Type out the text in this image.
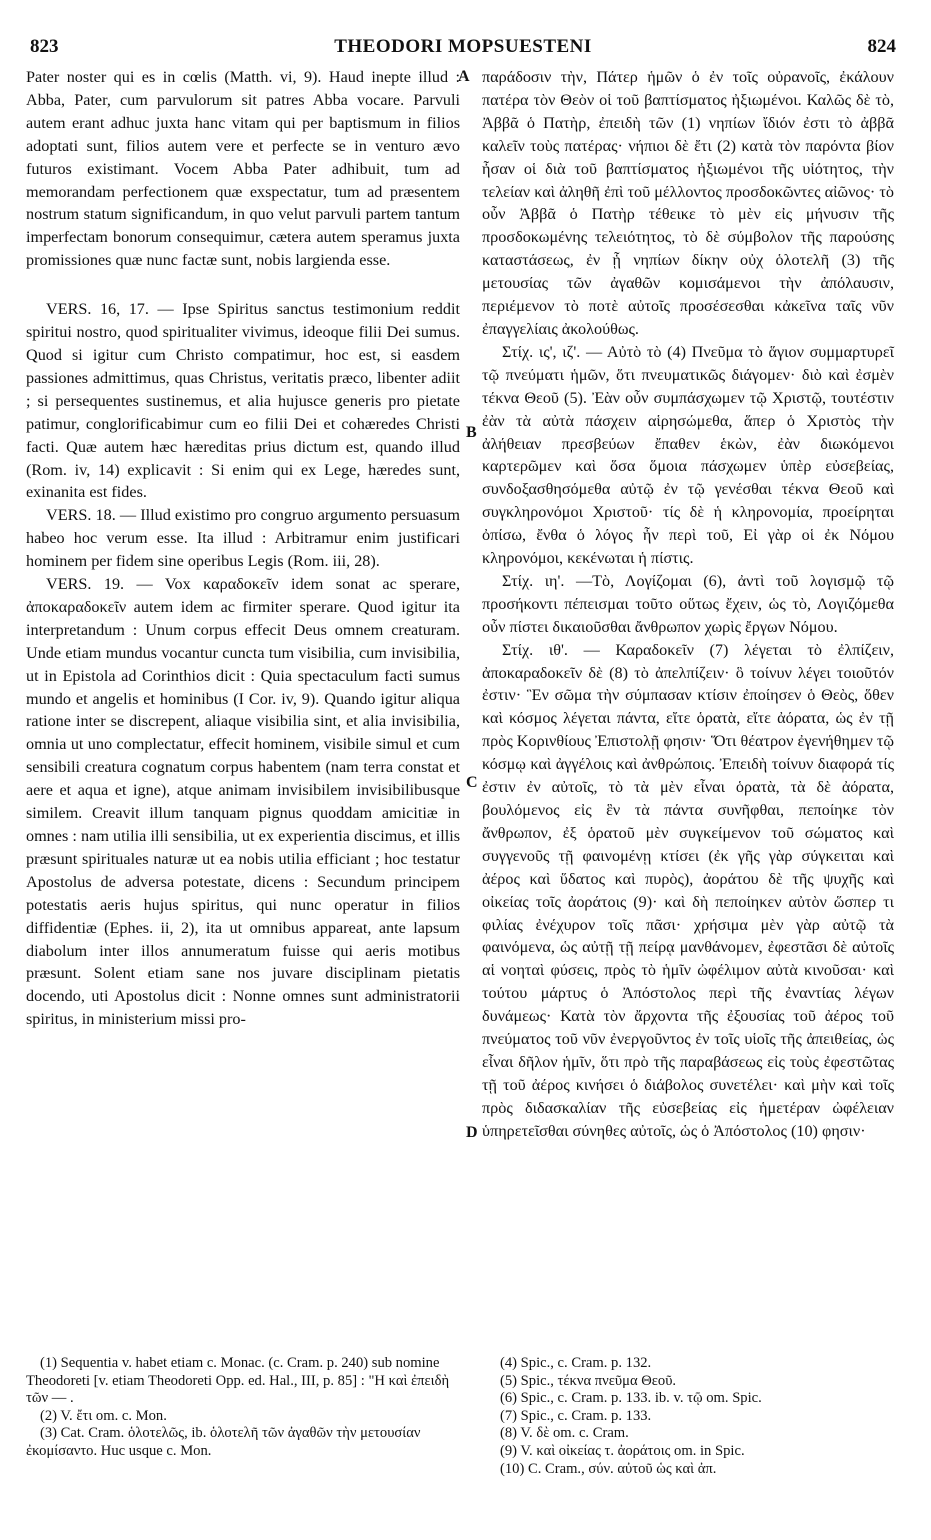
THEODORI MOPSUESTENI
823	824

Pater noster qui es in cœlis (Matth. vi, 9). Haud inepte illud : Abba, Pater, cum parvulorum sit patres Abba vocare. Parvuli autem erant adhuc juxta hanc vitam qui per baptismum in filios adoptati sunt, filios autem vere et perfecte se in venturo ævo futuros existimant. Vocem Abba Pater adhibuit, tum ad memorandam perfectionem quæ exspectatur, tum ad præsentem nostrum statum significandum, in quo velut parvuli partem tantum imperfectam bonorum consequimur, cætera autem speramus juxta promissiones quæ nunc factæ sunt, nobis largienda esse.

VERS. 16, 17. — Ipse Spiritus sanctus testimonium reddit spiritui nostro, quod spiritualiter vivimus, ideoque filii Dei sumus. Quod si igitur cum Christo compatimur, hoc est, si easdem passiones admittimus, quas Christus, veritatis præco, libenter adiit ; si persequentes sustinemus, et alia hujusce generis pro pietate patimur, conglorificabimur cum eo filii Dei et cohæredes Christi facti. Quæ autem hæc hæreditas prius dictum est, quando illud (Rom. iv, 14) explicavit : Si enim qui ex Lege, hæredes sunt, exinanita est fides.

VERS. 18. — Illud existimo pro congruo argumento persuasum habeo hoc verum esse. Ita illud : Arbitramur enim justificari hominem per fidem sine operibus Legis (Rom. iii, 28).

VERS. 19. — Vox καραδοκεῖν idem sonat ac sperare, ἀποκαραδοκεῖν autem idem ac firmiter sperare. Quod igitur ita interpretandum : Unum corpus effecit Deus omnem creaturam. Unde etiam mundus vocantur cuncta tum visibilia, cum invisibilia, ut in Epistola ad Corinthios dicit : Quia spectaculum facti sumus mundo et angelis et hominibus (I Cor. iv, 9). Quando igitur aliqua ratione inter se discrepent, aliaque visibilia sint, et alia invisibilia, omnia ut uno complectatur, effecit hominem, visibile simul et cum sensibili creatura cognatum corpus habentem (nam terra constat et aere et aqua et igne), atque animam invisibilem invisibilibusque similem. Creavit illum tanquam pignus quoddam amicitiæ in omnes : nam utilia illi sensibilia, ut ex experientia discimus, et illis præsunt spirituales naturæ ut ea nobis utilia efficiant ; hoc testatur Apostolus de adversa potestate, dicens : Secundum principem potestatis aeris hujus spiritus, qui nunc operatur in filios diffidentiæ (Ephes. ii, 2), ita ut omnibus appareat, ante lapsum diabolum inter illos annumeratum fuisse qui aeris motibus præsunt. Solent etiam sane nos juvare disciplinam pietatis docendo, uti Apostolus dicit : Nonne omnes sunt administratorii spiritus, in ministerium missi pro-

A
B
C
D

παράδοσιν τὴν, Πάτερ ἡμῶν ὁ ἐν τοῖς οὐρανοῖς, ἐκάλουν πατέρα τὸν Θεὸν οἱ τοῦ βαπτίσματος ἠξιωμένοι. Καλῶς δὲ τὸ, Ἀββᾶ ὁ Πατὴρ, ἐπειδὴ τῶν (1) νηπίων ἴδιόν ἐστι τὸ ἀββᾶ καλεῖν τοὺς πατέρας· νήπιοι δὲ ἔτι (2) κατὰ τὸν παρόντα βίον ἦσαν οἱ διὰ τοῦ βαπτίσματος ἠξιωμένοι τῆς υἱότητος, τὴν τελείαν καὶ ἀληθῆ ἐπὶ τοῦ μέλλοντος προσδοκῶντες αἰῶνος· τὸ οὖν Ἀββᾶ ὁ Πατὴρ τέθεικε τὸ μὲν εἰς μήνυσιν τῆς προσδοκωμένης τελειότητος, τὸ δὲ σύμβολον τῆς παρούσης καταστάσεως, ἐν ᾗ νηπίων δίκην οὐχ ὁλοτελῆ (3) τῆς μετουσίας τῶν ἀγαθῶν κομισάμενοι τὴν ἀπόλαυσιν, περιέμενον τὸ ποτὲ αὐτοῖς προσέσεσθαι κἀκεῖνα ταῖς νῦν ἐπαγγελίαις ἀκολούθως.

Στίχ. ις', ιζ'. — Αὐτὸ τὸ (4) Πνεῦμα τὸ ἅγιον συμμαρτυρεῖ τῷ πνεύματι ἡμῶν, ὅτι πνευματικῶς διάγομεν· διὸ καὶ ἐσμὲν τέκνα Θεοῦ (5). Ἐὰν οὖν συμπάσχωμεν τῷ Χριστῷ, τουτέστιν ἐὰν τὰ αὐτὰ πάσχειν αἱρησώμεθα, ἅπερ ὁ Χριστὸς τὴν ἀλήθειαν πρεσβεύων ἔπαθεν ἑκὼν, ἐὰν διωκόμενοι καρτερῶμεν καὶ ὅσα ὅμοια πάσχωμεν ὑπὲρ εὐσεβείας, συνδοξασθησόμεθα αὐτῷ ἐν τῷ γενέσθαι τέκνα Θεοῦ καὶ συγκληρονόμοι Χριστοῦ· τίς δὲ ἡ κληρονομία, προείρηται ὀπίσω, ἔνθα ὁ λόγος ἦν περὶ τοῦ, Εἰ γὰρ οἱ ἐκ Νόμου κληρονόμοι, κεκένωται ἡ πίστις.

Στίχ. ιη'. —Τὸ, Λογίζομαι (6), ἀντὶ τοῦ λογισμῷ τῷ προσήκοντι πέπεισμαι τοῦτο οὕτως ἔχειν, ὡς τὸ, Λογιζόμεθα οὖν πίστει δικαιοῦσθαι ἄνθρωπον χωρὶς ἔργων Νόμου.

Στίχ. ιθ'. — Καραδοκεῖν (7) λέγεται τὸ ἐλπίζειν, ἀποκαραδοκεῖν δὲ (8) τὸ ἀπελπίζειν· ὃ τοίνυν λέγει τοιοῦτόν ἐστιν· Ἓν σῶμα τὴν σύμπασαν κτίσιν ἐποίησεν ὁ Θεὸς, ὅθεν καὶ κόσμος λέγεται πάντα, εἴτε ὁρατὰ, εἴτε ἀόρατα, ὡς ἐν τῇ πρὸς Κορινθίους Ἐπιστολῇ φησιν· Ὅτι θέατρον ἐγενήθημεν τῷ κόσμῳ καὶ ἀγγέλοις καὶ ἀνθρώποις. Ἐπειδὴ τοίνυν διαφορά τίς ἐστιν ἐν αὐτοῖς, τὸ τὰ μὲν εἶναι ὁρατὰ, τὰ δὲ ἀόρατα, βουλόμενος εἰς ἓν τὰ πάντα συνῆφθαι, πεποίηκε τὸν ἄνθρωπον, ἐξ ὁρατοῦ μὲν συγκείμενον τοῦ σώματος καὶ συγγενοῦς τῇ φαινομένῃ κτίσει (ἐκ γῆς γὰρ σύγκειται καὶ ἀέρος καὶ ὕδατος καὶ πυρὸς), ἀοράτου δὲ τῆς ψυχῆς καὶ οἰκείας τοῖς ἀοράτοις (9)· καὶ δὴ πεποίηκεν αὐτὸν ὥσπερ τι φιλίας ἐνέχυρον τοῖς πᾶσι· χρήσιμα μὲν γὰρ αὐτῷ τὰ φαινόμενα, ὡς αὐτῇ τῇ πείρᾳ μανθάνομεν, ἐφεστᾶσι δὲ αὐτοῖς αἱ νοηταὶ φύσεις, πρὸς τὸ ἡμῖν ὠφέλιμον αὐτὰ κινοῦσαι· καὶ τούτου μάρτυς ὁ Ἀπόστολος περὶ τῆς ἐναντίας λέγων δυνάμεως· Κατὰ τὸν ἄρχοντα τῆς ἐξουσίας τοῦ ἀέρος τοῦ πνεύματος τοῦ νῦν ἐνεργοῦντος ἐν τοῖς υἱοῖς τῆς ἀπειθείας, ὡς εἶναι δῆλον ἡμῖν, ὅτι πρὸ τῆς παραβάσεως εἰς τοὺς ἐφεστῶτας τῇ τοῦ ἀέρος κινήσει ὁ διάβολος συνετέλει· καὶ μὴν καὶ τοῖς πρὸς διδασκαλίαν τῆς εὐσεβείας εἰς ἡμετέραν ὠφέλειαν ὑπηρετεῖσθαι σύνηθες αὐτοῖς, ὡς ὁ Ἀπόστολος (10) φησιν·

(1) Sequentia v. habet etiam c. Monac. (c. Cram. p. 240) sub nomine Theodoreti [v. etiam Theodoreti Opp. ed. Hal., III, p. 85] : "Η καὶ ἐπειδὴ τῶν — .

(2) V. ἔτι om. c. Mon.

(3) Cat. Cram. ὁλοτελῶς, ib. ὁλοτελῆ τῶν ἀγαθῶν τὴν μετουσίαν ἐκομίσαντο. Huc usque c. Mon.

(4) Spic., c. Cram. p. 132.

(5) Spic., τέκνα πνεῦμα Θεοῦ.

(6) Spic., c. Cram. p. 133. ib. v. τῷ om. Spic.

(7) Spic., c. Cram. p. 133.

(8) V. δὲ om. c. Cram.

(9) V. καὶ οἰκείας τ. ἀοράτοις om. in Spic.

(10) C. Cram., σύν. αὐτοῦ ὡς καὶ ἀπ.
